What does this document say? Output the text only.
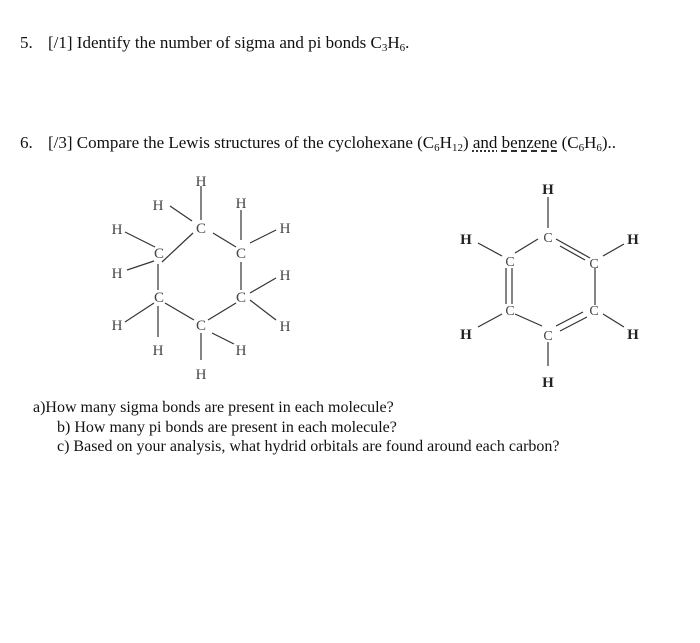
5. [/1] Identify the number of sigma and pi bonds $C_3H_6$.
6. [/3] Compare the Lewis structures of the cyclohexane $(C_6H_{12})$ and benzene $(C_6H_6)$..
C
C
C
C
C
C
H
H	H
H	H
H	H
H	H
H	H
H
C
C
C
C
C
C
H
H	H
H	H
H
a)How many sigma bonds are present in each molecule?
b) How many pi bonds are present in each molecule?
c) Based on your analysis, what hydrid orbitals are found around each carbon?
